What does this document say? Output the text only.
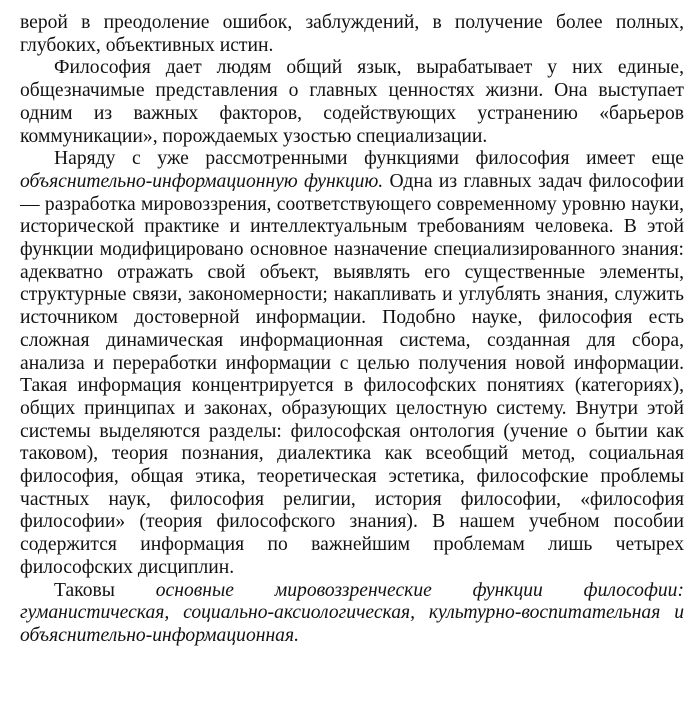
верой в преодоление ошибок, заблуждений, в получение более полных, глубоких, объективных истин.

Философия дает людям общий язык, вырабатывает у них единые, общезначимые представления о главных ценностях жизни. Она выступает одним из важных факторов, содействующих устранению «барьеров коммуникации», порождаемых узостью специализации.

Наряду с уже рассмотренными функциями философия имеет еще объяснительно-информационную функцию. Одна из главных задач философии — разработка мировоззрения, соответствующего современному уровню науки, исторической практике и интеллектуальным требованиям человека. В этой функции модифицировано основное назначение специализированного знания: адекватно отражать свой объект, выявлять его существенные элементы, структурные связи, закономерности; накапливать и углублять знания, служить источником достоверной информации. Подобно науке, философия есть сложная динамическая информационная система, созданная для сбора, анализа и переработки информации с целью получения новой информации. Такая информация концентрируется в философских понятиях (категориях), общих принципах и законах, образующих целостную систему. Внутри этой системы выделяются разделы: философская онтология (учение о бытии как таковом), теория познания, диалектика как всеобщий метод, социальная философия, общая этика, теоретическая эстетика, философские проблемы частных наук, философия религии, история философии, «философия философии» (теория философского знания). В нашем учебном пособии содержится информация по важнейшим проблемам лишь четырех философских дисциплин.

Таковы основные мировоззренческие функции философии: гуманистическая, социально-аксиологическая, культурно-воспитательная и объяснительно-информационная.
